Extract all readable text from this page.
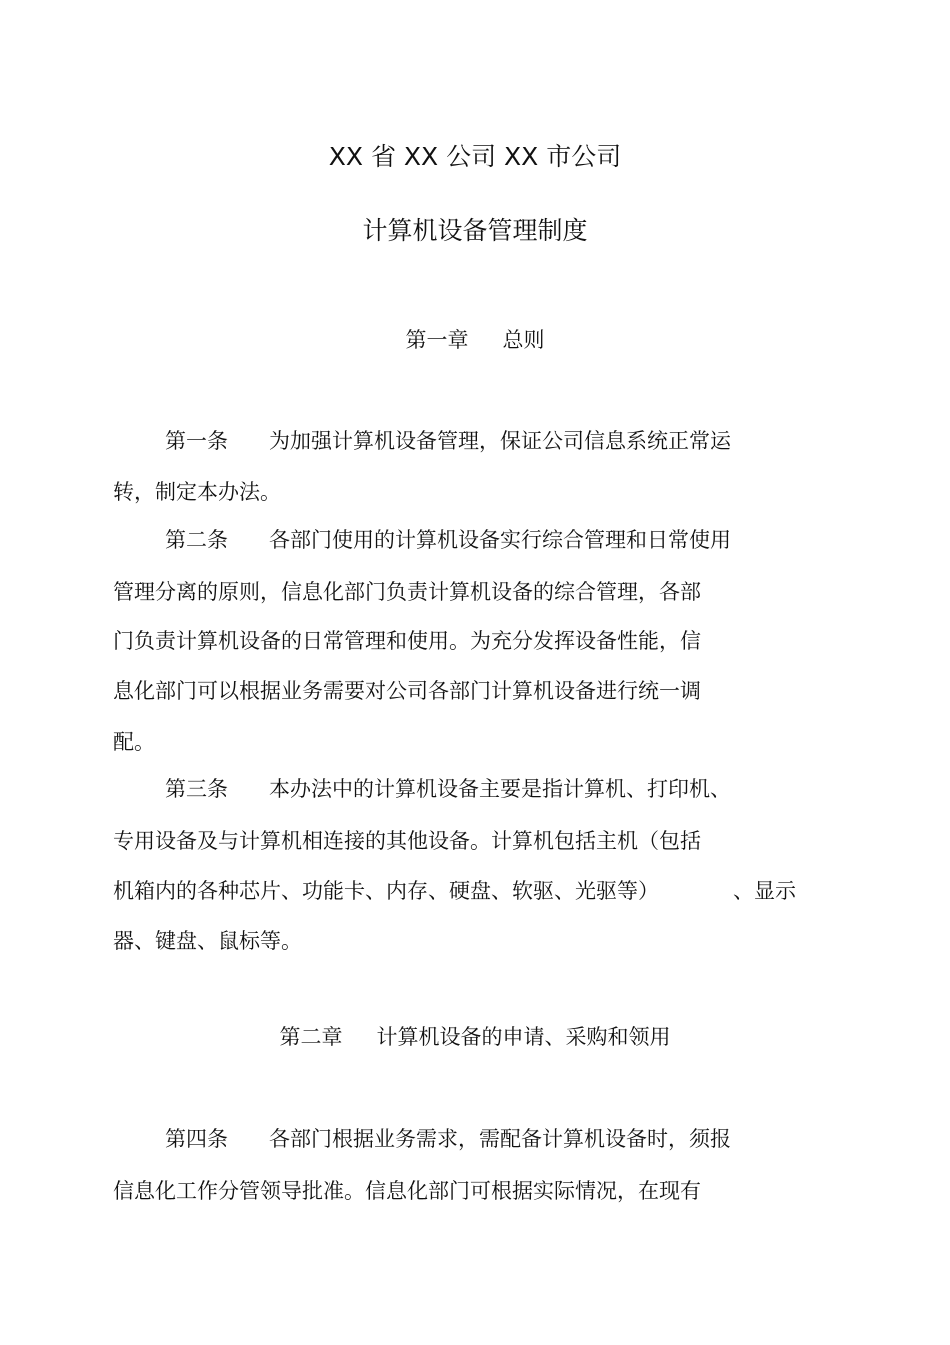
XX 省 XX 公司 XX 市公司
计算机设备管理制度
第一章 总则
第一条 为加强计算机设备管理，保证公司信息系统正常运
转，制定本办法。
第二条 各部门使用的计算机设备实行综合管理和日常使用
管理分离的原则，信息化部门负责计算机设备的综合管理，各部
门负责计算机设备的日常管理和使用。为充分发挥设备性能，信
息化部门可以根据业务需要对公司各部门计算机设备进行统一调
配。
第三条 本办法中的计算机设备主要是指计算机、打印机、
专用设备及与计算机相连接的其他设备。计算机包括主机（包括
机箱内的各种芯片、功能卡、内存、硬盘、软驱、光驱等）	、显示
器、键盘、鼠标等。
第二章 计算机设备的申请、采购和领用
第四条 各部门根据业务需求，需配备计算机设备时，须报
信息化工作分管领导批准。信息化部门可根据实际情况，在现有
